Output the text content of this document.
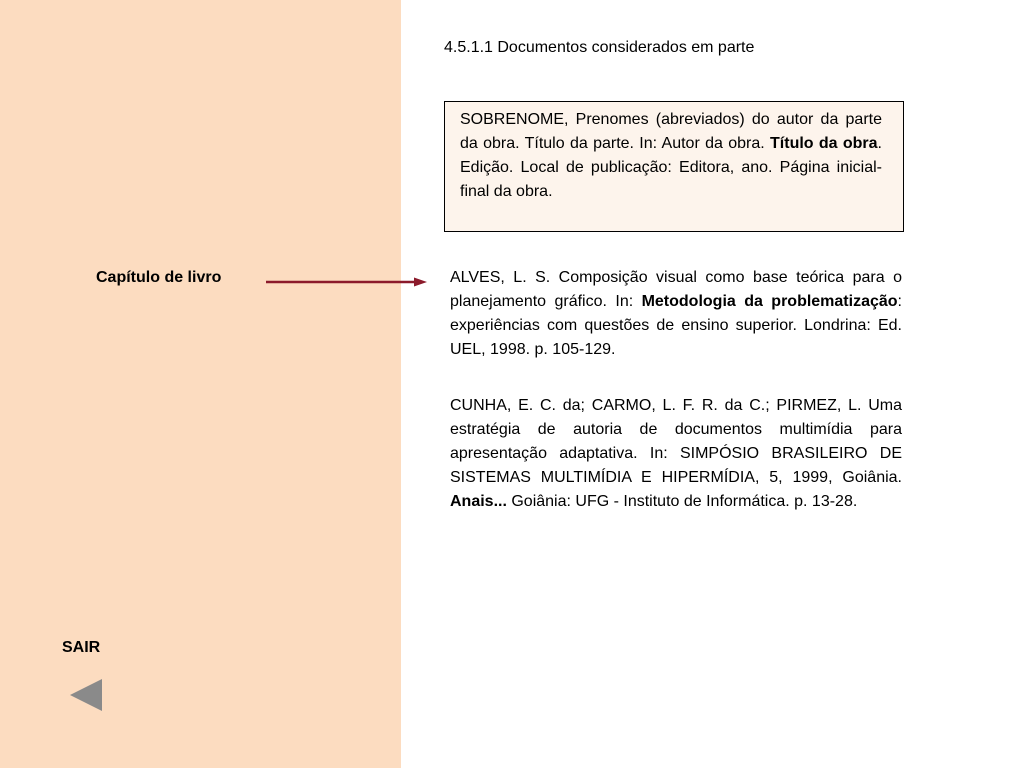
4.5.1.1 Documentos considerados em parte
SOBRENOME, Prenomes (abreviados) do autor da parte da obra. Título da parte. In: Autor da obra. Título da obra. Edição. Local de publicação: Editora, ano. Página inicial-final da obra.
Capítulo de livro	ALVES, L. S. Composição visual como base teórica para o planejamento gráfico. In: Metodologia da problematização: experiências com questões de ensino superior. Londrina: Ed. UEL, 1998. p. 105-129.

CUNHA, E. C. da; CARMO, L. F. R. da C.; PIRMEZ, L. Uma estratégia de autoria de documentos multimídia para apresentação adaptativa. In: SIMPÓSIO BRASILEIRO DE SISTEMAS MULTIMÍDIA E HIPERMÍDIA, 5, 1999, Goiânia. Anais... Goiânia: UFG - Instituto de Informática. p. 13-28.

SAIR
